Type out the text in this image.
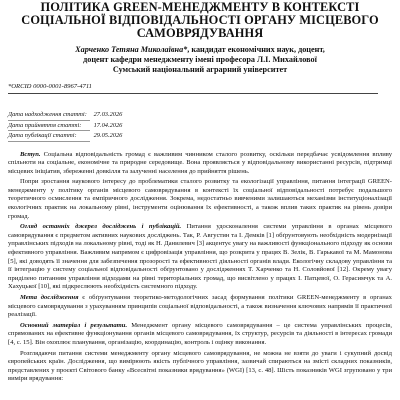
ПОЛІТИКА GREEN-МЕНЕДЖМЕНТУ В КОНТЕКСТІ СОЦІАЛЬНОЇ ВІДПОВІДАЛЬНОСТІ ОРГАНУ МІСЦЕВОГО САМОВРЯДУВАННЯ
Харченко Тетяна Миколаївна*, кандидат економічних наук, доцент,
доцент кафедри менеджменту імені професора Л.І. Михайлової
Сумський національний аграрний університет
*ORCID 0000-0001-8967-4711
Дата надходження статті: 27.03.2026
Дата прийняття статті: 17.04.2026
Дата публікації статті:	29.05.2026

Вступ. Соціальна відповідальність громад є важливим чинником сталого розвитку, оскільки передбачає усвідомлення впливу спільноти на соціальне, економічне та природне середовище. Вона проявляється у відповідальному використанні ресурсів, підтримці місцевих ініціатив, збереженні довкілля та залученні населення до прийняття рішень.

Попри зростання наукового інтересу до проблематики сталого розвитку та екологізації управління, питання інтеграції GREEN-менеджменту у політику органів місцевого самоврядування в контексті їх соціальної відповідальності потребує подальшого теоретичного осмислення та емпіричного дослідження. Зокрема, недостатньо вивченими залишаються механізми інституціоналізації екологічних практик на локальному рівні, інструменти оцінювання їх ефективності, а також вплив таких практик на рівень довіри громад.

Огляд останніх джерел досліджень і публікацій. Питання удосконалення системи управління в органах місцевого самоврядування є предметом активних наукових досліджень. Так, Р. Августин та І. Демків [1] обґрунтовують необхідність модернізації управлінських підходів на локальному рівні, тоді як Н. Данилевич [3] акцентує увагу на важливості функціонального підходу як основи ефективного управління. Важливим напрямом є цифровізація управління, що розкрита у працях В. Зелік, В. Гарькавої та М. Мамонова [5], які доводять її значення для забезпечення прозорості та ефективності діяльності органів влади. Екологічну складову управління та її інтеграцію у систему соціальної відповідальності обґрунтовано у дослідженнях Т. Харченко та Н. Соловйової [12]. Окрему увагу приділено питанням управління відходами на рівні територіальних громад, що висвітлено у працях І. Патцевої, О. Герасимчук та А. Хахуцької [10], які підкреслюють необхідність системного підходу.

Мета дослідження є обґрунтування теоретико-методологічних засад формування політики GREEN-менеджменту в органах місцевого самоврядування з урахуванням принципів соціальної відповідальності, а також визначення ключових напрямів її практичної реалізації.

Основний матеріал і результати. Менеджмент органу місцевого самоврядування – це система управлінських процесів, спрямованих на ефективне функціонування органів місцевого самоврядування, їх структур, ресурсів та діяльності в інтересах громади [4, с. 15]. Він охоплює планування, організацію, координацію, контроль і оцінку виконання.

Розглядаючи питання системи менеджменту органу місцевого самоврядування, не можна не взяти до уваги і сукупний досвід європейських країн. Дослідження, що вимірюють якість публічного управління, зазвичай спираються на змісті складних показників, представлених у проєкті Світового банку «Всесвітні показники врядування» (WGI) [13, с. 48]. Шість показників WGI згруповано у три виміри врядування:
